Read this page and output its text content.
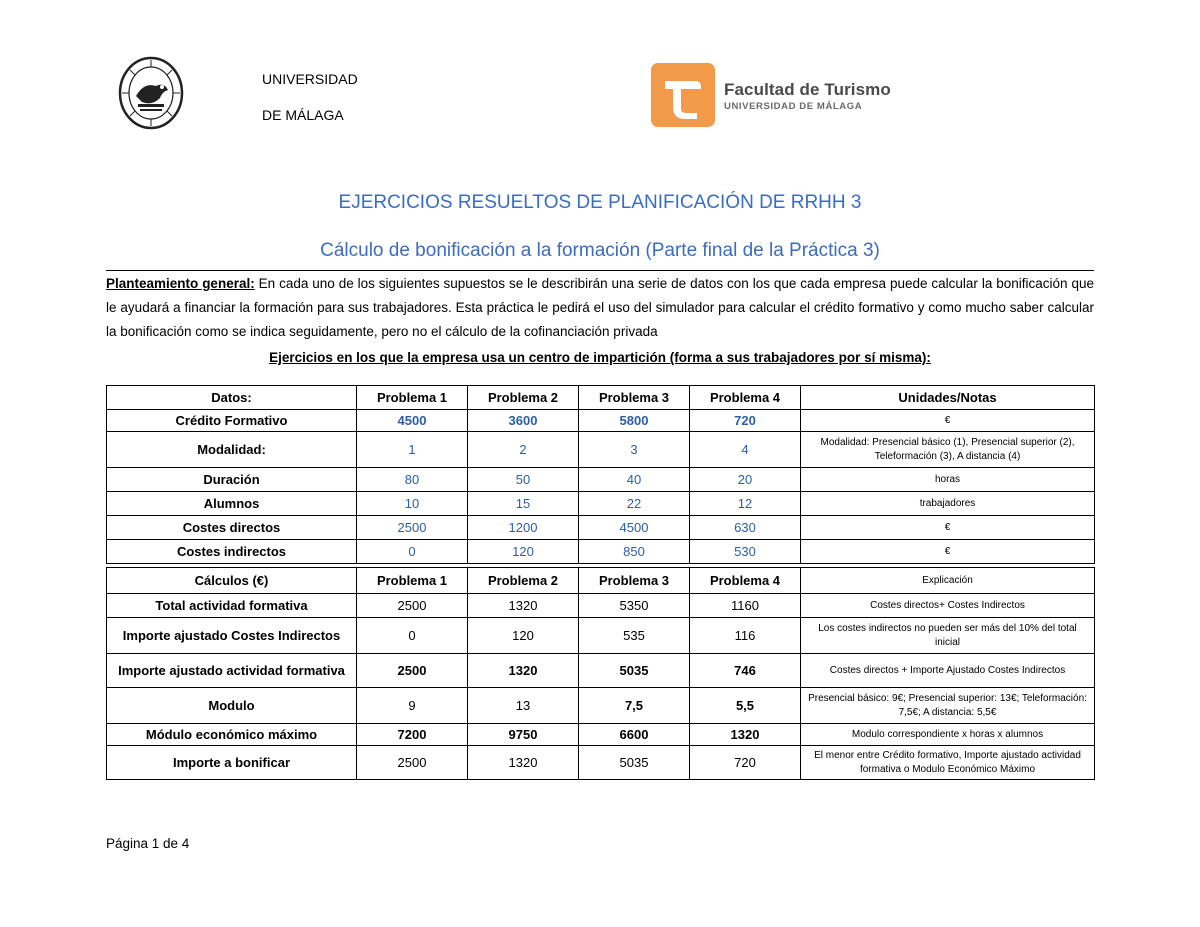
UNIVERSIDAD
DE MÁLAGA
Facultad de Turismo
UNIVERSIDAD DE MÁLAGA
EJERCICIOS RESUELTOS DE PLANIFICACIÓN DE RRHH 3
Cálculo de bonificación a la formación (Parte final de la Práctica 3)
Planteamiento general: En cada uno de los siguientes supuestos se le describirán una serie de datos con los que cada empresa puede calcular la bonificación que le ayudará a financiar la formación para sus trabajadores. Esta práctica le pedirá el uso del simulador para calcular el crédito formativo y como mucho saber calcular la bonificación como se indica seguidamente, pero no el cálculo de la cofinanciación privada
Ejercicios en los que la empresa usa un centro de impartición (forma a sus trabajadores por sí misma):
Datos:	Problema 1	Problema 2	Problema 3	Problema 4	Unidades/Notas
Crédito Formativo	4500	3600	5800	720	€
Modalidad:	1	2	3	4	Modalidad: Presencial básico (1), Presencial superior (2), Teleformación (3), A distancia (4)
Duración	80	50	40	20	horas
Alumnos	10	15	22	12	trabajadores
Costes directos	2500	1200	4500	630	€
Costes indirectos	0	120	850	530	€
Cálculos (€)	Problema 1	Problema 2	Problema 3	Problema 4	Explicación
Total actividad formativa	2500	1320	5350	1160	Costes directos+ Costes Indirectos
Importe ajustado Costes Indirectos	0	120	535	116	Los costes indirectos no pueden ser más del 10% del total inicial
Importe ajustado actividad formativa	2500	1320	5035	746	Costes directos + Importe Ajustado Costes Indirectos
Modulo	9	13	7,5	5,5	Presencial básico: 9€; Presencial superior: 13€; Teleformación: 7,5€; A distancia: 5,5€
Módulo económico máximo	7200	9750	6600	1320	Modulo correspondiente x horas x alumnos
Importe a bonificar	2500	1320	5035	720	El menor entre Crédito formativo, Importe ajustado actividad formativa o Modulo Económico Máximo
Página 1 de 4
